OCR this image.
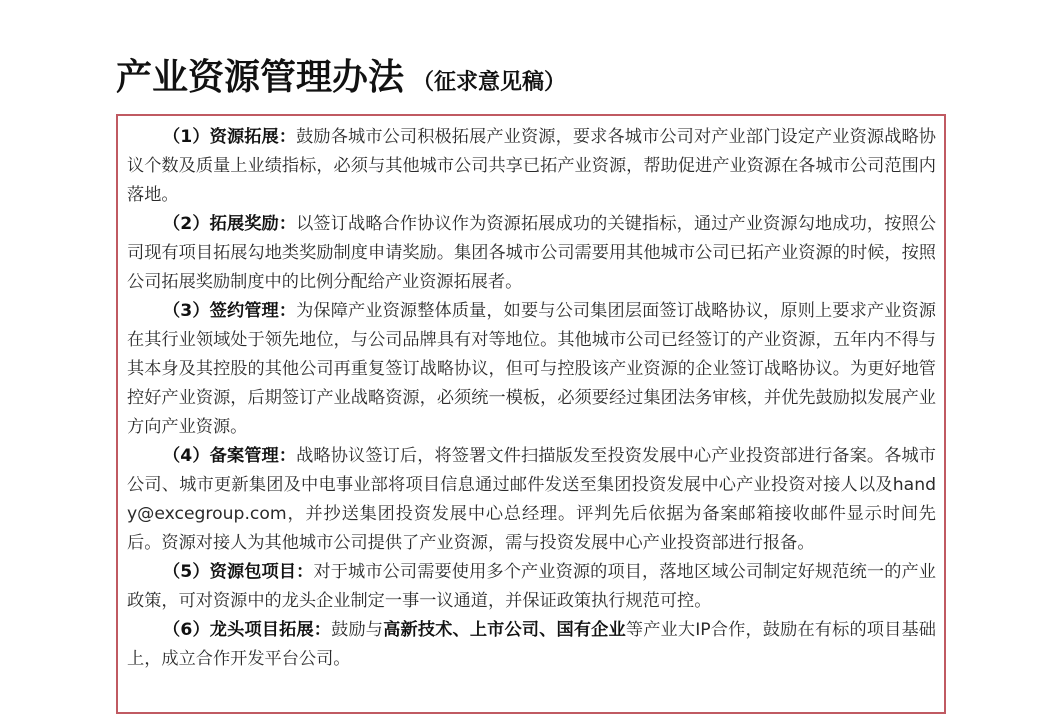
产业资源管理办法 （征求意见稿）

（1）资源拓展：鼓励各城市公司积极拓展产业资源，要求各城市公司对产业部门设定产业资源战略协议个数及质量上业绩指标，必须与其他城市公司共享已拓产业资源，帮助促进产业资源在各城市公司范围内落地。

（2）拓展奖励：以签订战略合作协议作为资源拓展成功的关键指标，通过产业资源勾地成功，按照公司现有项目拓展勾地类奖励制度申请奖励。集团各城市公司需要用其他城市公司已拓产业资源的时候，按照公司拓展奖励制度中的比例分配给产业资源拓展者。

（3）签约管理：为保障产业资源整体质量，如要与公司集团层面签订战略协议，原则上要求产业资源在其行业领域处于领先地位，与公司品牌具有对等地位。其他城市公司已经签订的产业资源，五年内不得与其本身及其控股的其他公司再重复签订战略协议，但可与控股该产业资源的企业签订战略协议。为更好地管控好产业资源，后期签订产业战略资源，必须统一模板，必须要经过集团法务审核，并优先鼓励拟发展产业方向产业资源。

（4）备案管理：战略协议签订后，将签署文件扫描版发至投资发展中心产业投资部进行备案。各城市公司、城市更新集团及中电事业部将项目信息通过邮件发送至集团投资发展中心产业投资对接人以及handy@excegroup.com，并抄送集团投资发展中心总经理。评判先后依据为备案邮箱接收邮件显示时间先后。资源对接人为其他城市公司提供了产业资源，需与投资发展中心产业投资部进行报备。

（5）资源包项目：对于城市公司需要使用多个产业资源的项目，落地区域公司制定好规范统一的产业政策，可对资源中的龙头企业制定一事一议通道，并保证政策执行规范可控。

（6）龙头项目拓展：鼓励与高新技术、上市公司、国有企业等产业大IP合作，鼓励在有标的项目基础上，成立合作开发平台公司。
